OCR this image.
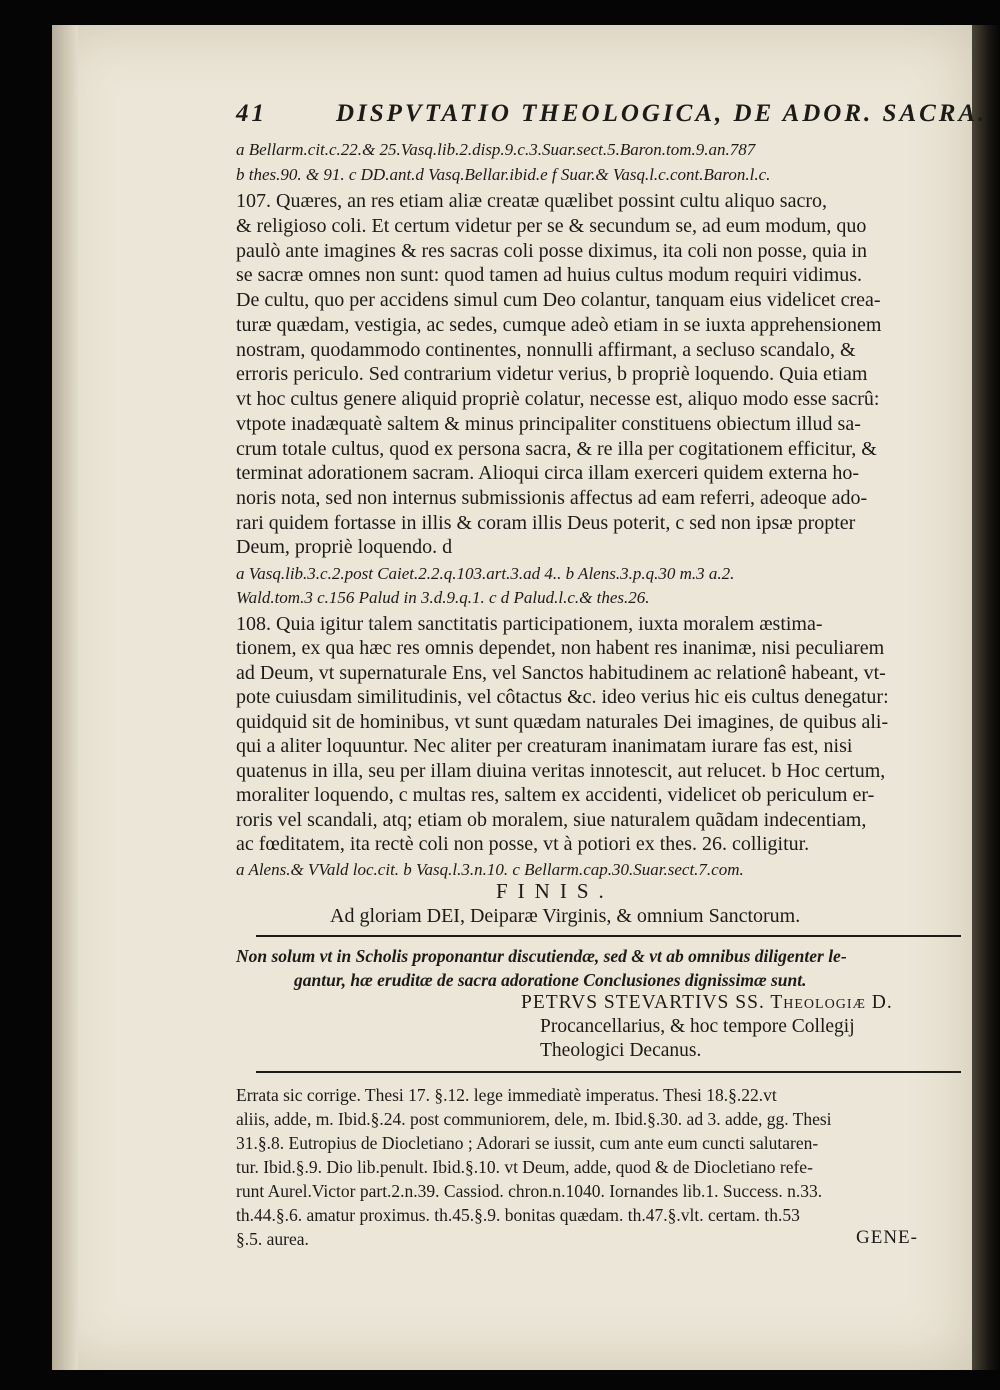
41	DISPVTATIO THEOLOGICA, DE ADOR. SACRA.
a Bellarm.cit.c.22.& 25.Vasq.lib.2.disp.9.c.3.Suar.sect.5.Baron.tom.9.an.787
b thes.90. & 91. c DD.ant.d Vasq.Bellar.ibid.e f Suar.& Vasq.l.c.cont.Baron.l.c.
107. Quæres, an res etiam aliæ creatæ quælibet possint cultu aliquo sacro,
& religioso coli. Et certum videtur per se & secundum se, ad eum modum, quo
paulò ante imagines & res sacras coli posse diximus, ita coli non posse, quia in
se sacræ omnes non sunt: quod tamen ad huius cultus modum requiri vidimus.
De cultu, quo per accidens simul cum Deo colantur, tanquam eius videlicet crea-
turæ quædam, vestigia, ac sedes, cumque adeò etiam in se iuxta apprehensionem
nostram, quodammodo continentes, nonnulli affirmant, a secluso scandalo, &
erroris periculo. Sed contrarium videtur verius, b propriè loquendo. Quia etiam
vt hoc cultus genere aliquid propriè colatur, necesse est, aliquo modo esse sacrû:
vtpote inadæquatè saltem & minus principaliter constituens obiectum illud sa-
crum totale cultus, quod ex persona sacra, & re illa per cogitationem efficitur, &
terminat adorationem sacram. Alioqui circa illam exerceri quidem externa ho-
noris nota, sed non internus submissionis affectus ad eam referri, adeoque ado-
rari quidem fortasse in illis & coram illis Deus poterit, c sed non ipsæ propter
Deum, propriè loquendo. d
a Vasq.lib.3.c.2.post Caiet.2.2.q.103.art.3.ad 4.. b Alens.3.p.q.30 m.3 a.2.
Wald.tom.3 c.156 Palud in 3.d.9.q.1. c d Palud.l.c.& thes.26.
108. Quia igitur talem sanctitatis participationem, iuxta moralem æstima-
tionem, ex qua hæc res omnis dependet, non habent res inanimæ, nisi peculiarem
ad Deum, vt supernaturale Ens, vel Sanctos habitudinem ac relationê habeant, vt-
pote cuiusdam similitudinis, vel côtactus &c. ideo verius hic eis cultus denegatur:
quidquid sit de hominibus, vt sunt quædam naturales Dei imagines, de quibus ali-
qui a aliter loquuntur. Nec aliter per creaturam inanimatam iurare fas est, nisi
quatenus in illa, seu per illam diuina veritas innotescit, aut relucet. b Hoc certum,
moraliter loquendo, c multas res, saltem ex accidenti, videlicet ob periculum er-
roris vel scandali, atq; etiam ob moralem, siue naturalem quãdam indecentiam,
ac fœditatem, ita rectè coli non posse, vt à potiori ex thes. 26. colligitur.
a Alens.& VVald loc.cit. b Vasq.l.3.n.10. c Bellarm.cap.30.Suar.sect.7.com.
FINIS.
Ad gloriam DEI, Deiparæ Virginis, & omnium Sanctorum.
Non solum vt in Scholis proponantur discutiendæ, sed & vt ab omnibus diligenter le-
gantur, hæ eruditæ de sacra adoratione Conclusiones dignissimæ sunt.
PETRVS STEVARTIVS SS. Theologiæ D.
Procancellarius, & hoc tempore Collegij
Theologici Decanus.
Errata sic corrige. Thesi 17. §.12. lege immediatè imperatus. Thesi 18.§.22.vt
aliis, adde, m. Ibid.§.24. post communiorem, dele, m. Ibid.§.30. ad 3. adde, gg. Thesi
31.§.8. Eutropius de Diocletiano ; Adorari se iussit, cum ante eum cuncti salutaren-
tur. Ibid.§.9. Dio lib.penult. Ibid.§.10. vt Deum, adde, quod & de Diocletiano refe-
runt Aurel.Victor part.2.n.39. Cassiod. chron.n.1040. Iornandes lib.1. Success. n.33.
th.44.§.6. amatur proximus. th.45.§.9. bonitas quædam. th.47.§.vlt. certam. th.53
§.5. aurea.	GENE-
